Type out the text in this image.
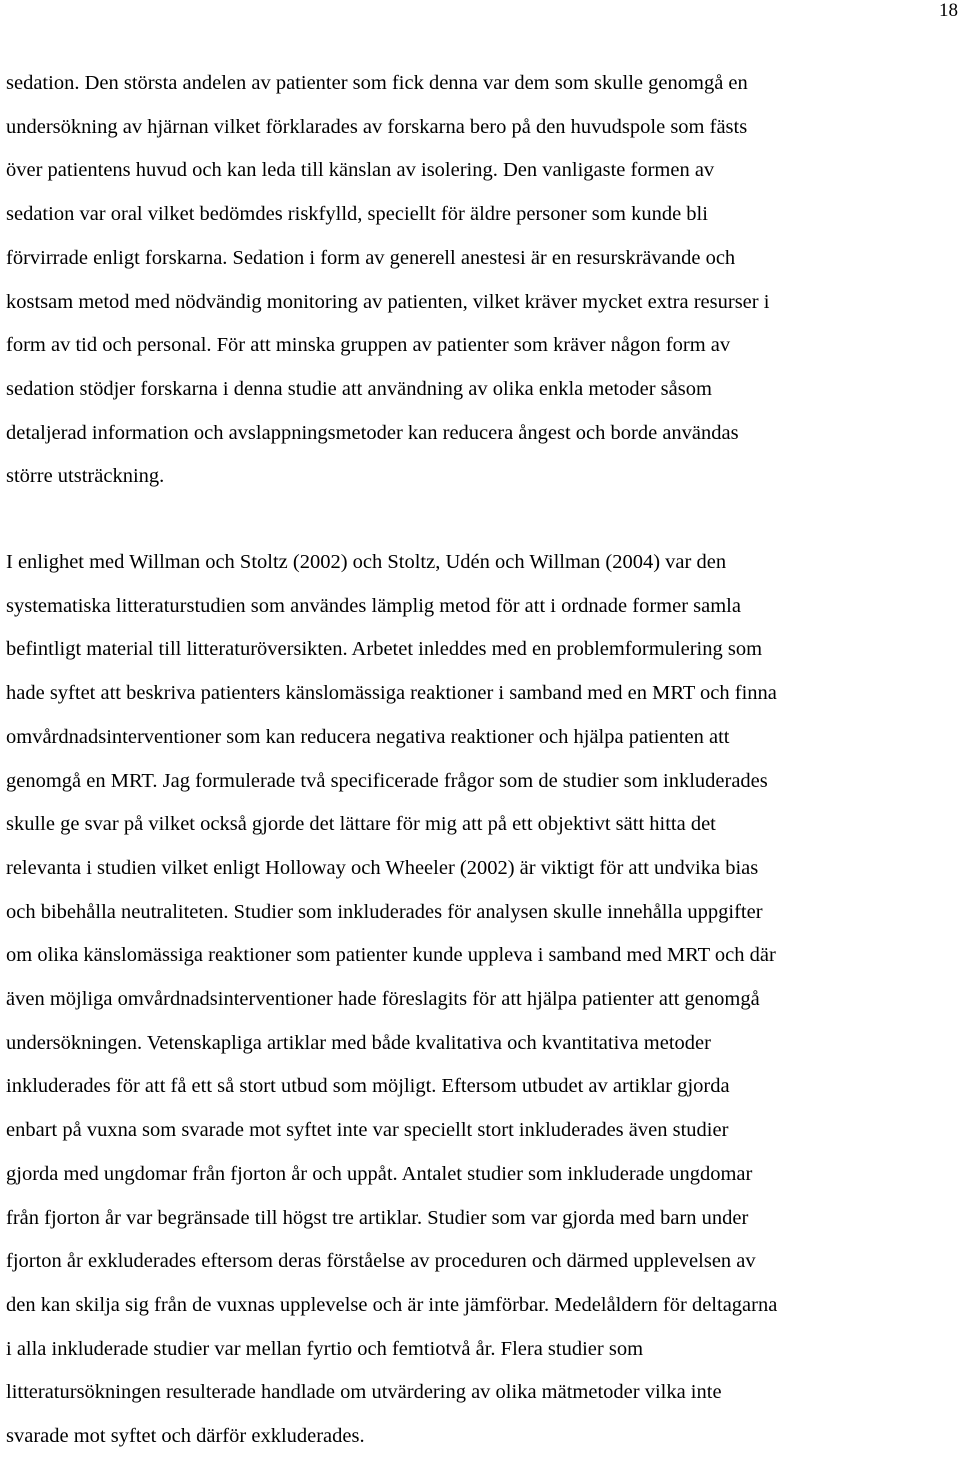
18

sedation. Den största andelen av patienter som fick denna var dem som skulle genomgå en
undersökning av hjärnan vilket förklarades av forskarna bero på den huvudspole som fästs
över patientens huvud och kan leda till känslan av isolering. Den vanligaste formen av
sedation var oral vilket bedömdes riskfylld, speciellt för äldre personer som kunde bli
förvirrade enligt forskarna. Sedation i form av generell anestesi är en resurskrävande och
kostsam metod med nödvändig monitoring av patienten, vilket kräver mycket extra resurser i
form av tid och personal. För att minska gruppen av patienter som kräver någon form av
sedation stödjer forskarna i denna studie att användning av olika enkla metoder såsom
detaljerad information och avslappningsmetoder kan reducera ångest och borde användas
större utsträckning.

I enlighet med Willman och Stoltz (2002) och Stoltz, Udén och Willman (2004) var den
systematiska litteraturstudien som användes lämplig metod för att i ordnade former samla
befintligt material till litteraturöversikten. Arbetet inleddes med en problemformulering som
hade syftet att beskriva patienters känslomässiga reaktioner i samband med en MRT och finna
omvårdnadsinterventioner som kan reducera negativa reaktioner och hjälpa patienten att
genomgå en MRT. Jag formulerade två specificerade frågor som de studier som inkluderades
skulle ge svar på vilket också gjorde det lättare för mig att på ett objektivt sätt hitta det
relevanta i studien vilket enligt Holloway och Wheeler (2002) är viktigt för att undvika bias
och bibehålla neutraliteten. Studier som inkluderades för analysen skulle innehålla uppgifter
om olika känslomässiga reaktioner som patienter kunde uppleva i samband med MRT och där
även möjliga omvårdnadsinterventioner hade föreslagits för att hjälpa patienter att genomgå
undersökningen. Vetenskapliga artiklar med både kvalitativa och kvantitativa metoder
inkluderades för att få ett så stort utbud som möjligt. Eftersom utbudet av artiklar gjorda
enbart på vuxna som svarade mot syftet inte var speciellt stort inkluderades även studier
gjorda med ungdomar från fjorton år och uppåt. Antalet studier som inkluderade ungdomar
från fjorton år var begränsade till högst tre artiklar. Studier som var gjorda med barn under
fjorton år exkluderades eftersom deras förståelse av proceduren och därmed upplevelsen av
den kan skilja sig från de vuxnas upplevelse och är inte jämförbar. Medelåldern för deltagarna
i alla inkluderade studier var mellan fyrtio och femtiotvå år. Flera studier som
litteratursökningen resulterade handlade om utvärdering av olika mätmetoder vilka inte
svarade mot syftet och därför exkluderades.
